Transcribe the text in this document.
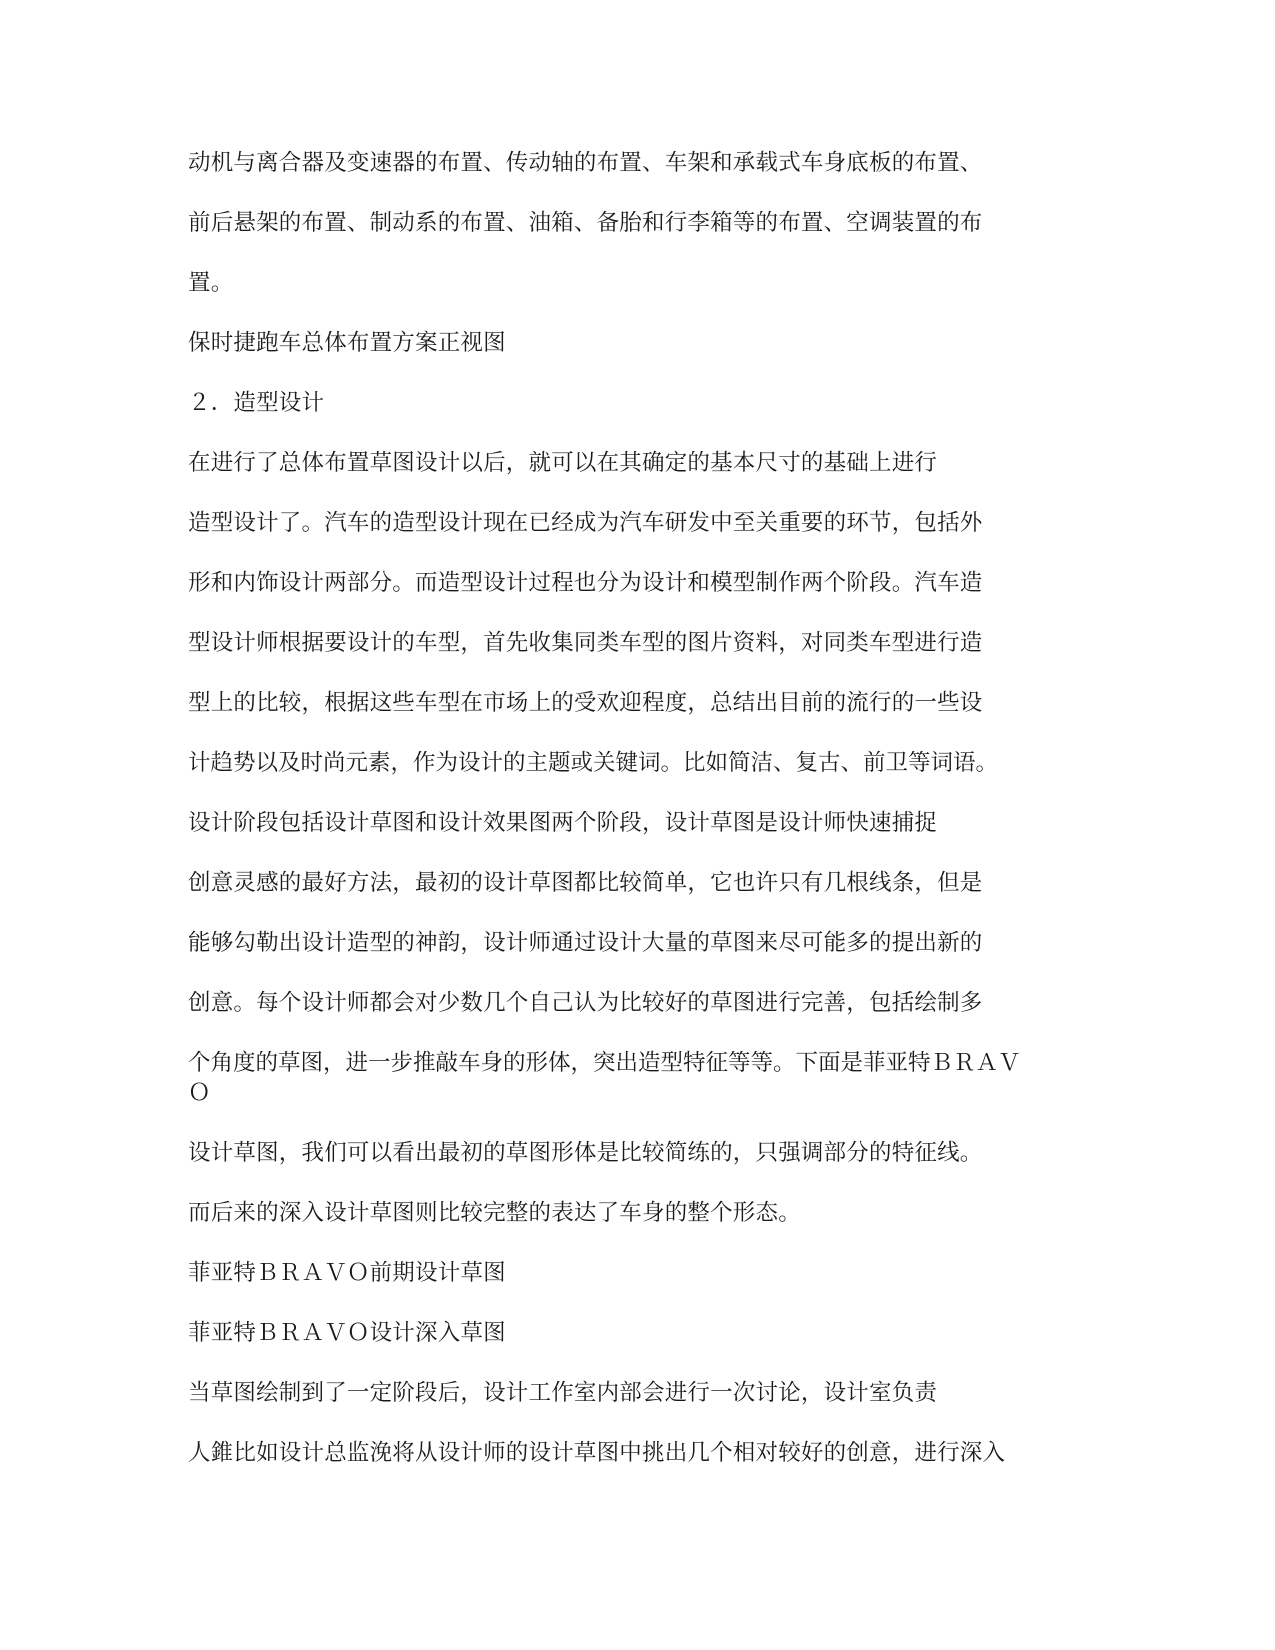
动机与离合器及变速器的布置、传动轴的布置、车架和承载式车身底板的布置、
前后悬架的布置、制动系的布置、油箱、备胎和行李箱等的布置、空调装置的布
置。
保时捷跑车总体布置方案正视图
２．造型设计
在进行了总体布置草图设计以后，就可以在其确定的基本尺寸的基础上进行
造型设计了。汽车的造型设计现在已经成为汽车研发中至关重要的环节，包括外
形和内饰设计两部分。而造型设计过程也分为设计和模型制作两个阶段。汽车造
型设计师根据要设计的车型，首先收集同类车型的图片资料，对同类车型进行造
型上的比较，根据这些车型在市场上的受欢迎程度，总结出目前的流行的一些设
计趋势以及时尚元素，作为设计的主题或关键词。比如简洁、复古、前卫等词语。
设计阶段包括设计草图和设计效果图两个阶段，设计草图是设计师快速捕捉
创意灵感的最好方法，最初的设计草图都比较简单，它也许只有几根线条，但是
能够勾勒出设计造型的神韵，设计师通过设计大量的草图来尽可能多的提出新的
创意。每个设计师都会对少数几个自己认为比较好的草图进行完善，包括绘制多
个角度的草图，进一步推敲车身的形体，突出造型特征等等。下面是菲亚特ＢＲＡＶ
Ｏ
设计草图，我们可以看出最初的草图形体是比较简练的，只强调部分的特征线。
而后来的深入设计草图则比较完整的表达了车身的整个形态。
菲亚特ＢＲＡＶＯ前期设计草图
菲亚特ＢＲＡＶＯ设计深入草图
当草图绘制到了一定阶段后，设计工作室内部会进行一次讨论，设计室负责
人錐比如设计总监浼将从设计师的设计草图中挑出几个相对较好的创意，进行深入
